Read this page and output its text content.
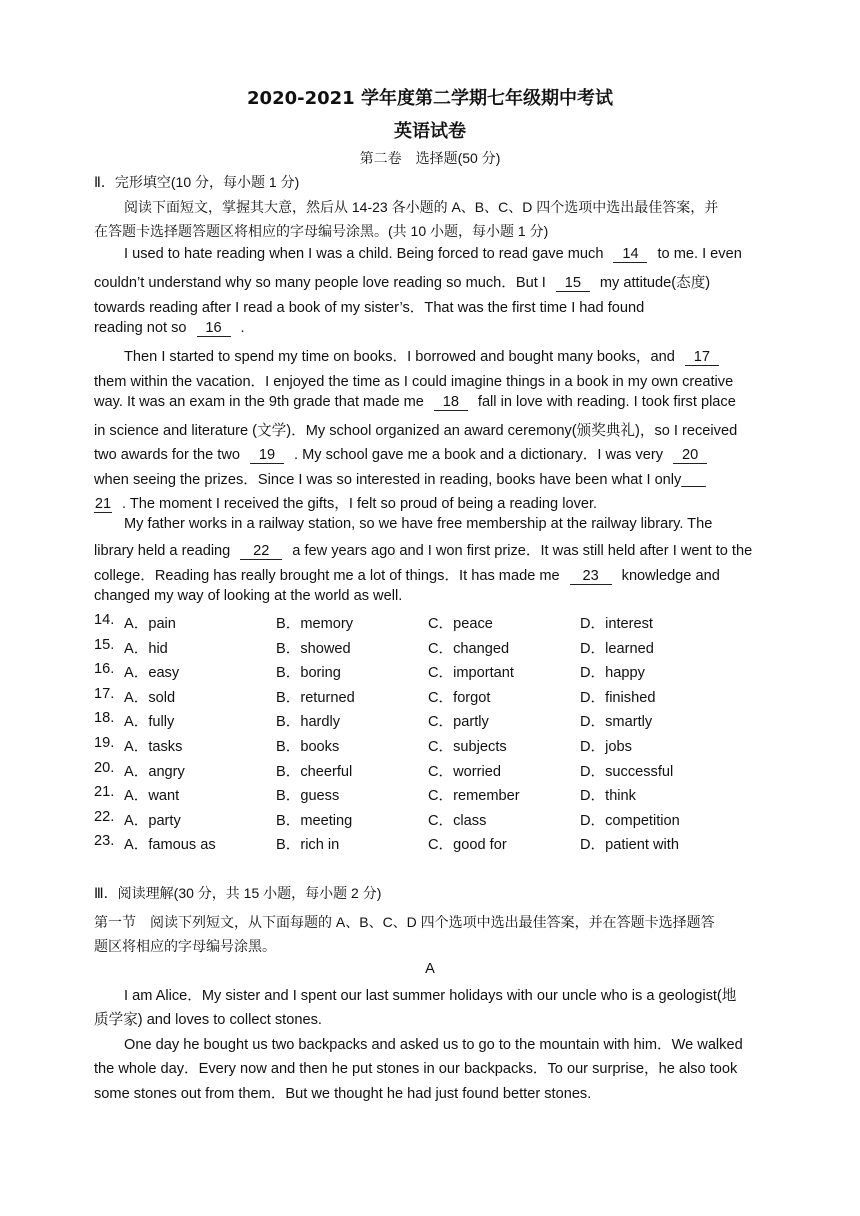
2020-2021 学年度第二学期七年级期中考试
英语试卷
第二卷　选择题(50 分)
Ⅱ．完形填空(10 分，每小题 1 分)
阅读下面短文，掌握其大意，然后从 14-23 各小题的 A、B、C、D 四个选项中选出最佳答案，并
在答题卡选择题答题区将相应的字母编号涂黑。(共 10 小题，每小题 1 分)
I used to hate reading when I was a child. Being forced to read gave much 14 to me. I even
couldn’t understand why so many people love reading so much．But I 15 my attitude(态度)
towards reading after I read a book of my sister’s．That was the first time I had found
reading not so 16 .
Then I started to spend my time on books．I borrowed and bought many books，and 17
them within the vacation．I enjoyed the time as I could imagine things in a book in my own creative
way. It was an exam in the 9th grade that made me 18 fall in love with reading. I took first place
in science and literature (文学)．My school organized an award ceremony(颁奖典礼)，so I received
two awards for the two 19 . My school gave me a book and a dictionary．I was very 20
when seeing the prizes．Since I was so interested in reading, books have been what I only___
21 . The moment I received the gifts，I felt so proud of being a reading lover.
My father works in a railway station, so we have free membership at the railway library. The
library held a reading 22 a few years ago and I won first prize．It was still held after I went to the
college．Reading has really brought me a lot of things．It has made me 23 knowledge and
changed my way of looking at the world as well.
14. A．pain	B．memory	C．peace	D．interest
15. A．hid	B．showed	C．changed	D．learned
16. A．easy	B．boring	C．important	D．happy
17. A．sold	B．returned	C．forgot	D．finished
18. A．fully	B．hardly	C．partly	D．smartly
19. A．tasks	B．books	C．subjects	D．jobs
20. A．angry	B．cheerful	C．worried	D．successful
21. A．want	B．guess	C．remember	D．think
22. A．party	B．meeting	C．class	D．competition
23. A．famous as	B．rich in	C．good for	D．patient with
Ⅲ．阅读理解(30 分，共 15 小题，每小题 2 分)
第一节　阅读下列短文，从下面每题的 A、B、C、D 四个选项中选出最佳答案，并在答题卡选择题答
题区将相应的字母编号涂黑。
A
I am Alice．My sister and I spent our last summer holidays with our uncle who is a geologist(地
质学家) and loves to collect stones.
One day he bought us two backpacks and asked us to go to the mountain with him．We walked
the whole day．Every now and then he put stones in our backpacks．To our surprise，he also took
some stones out from them．But we thought he had just found better stones.
